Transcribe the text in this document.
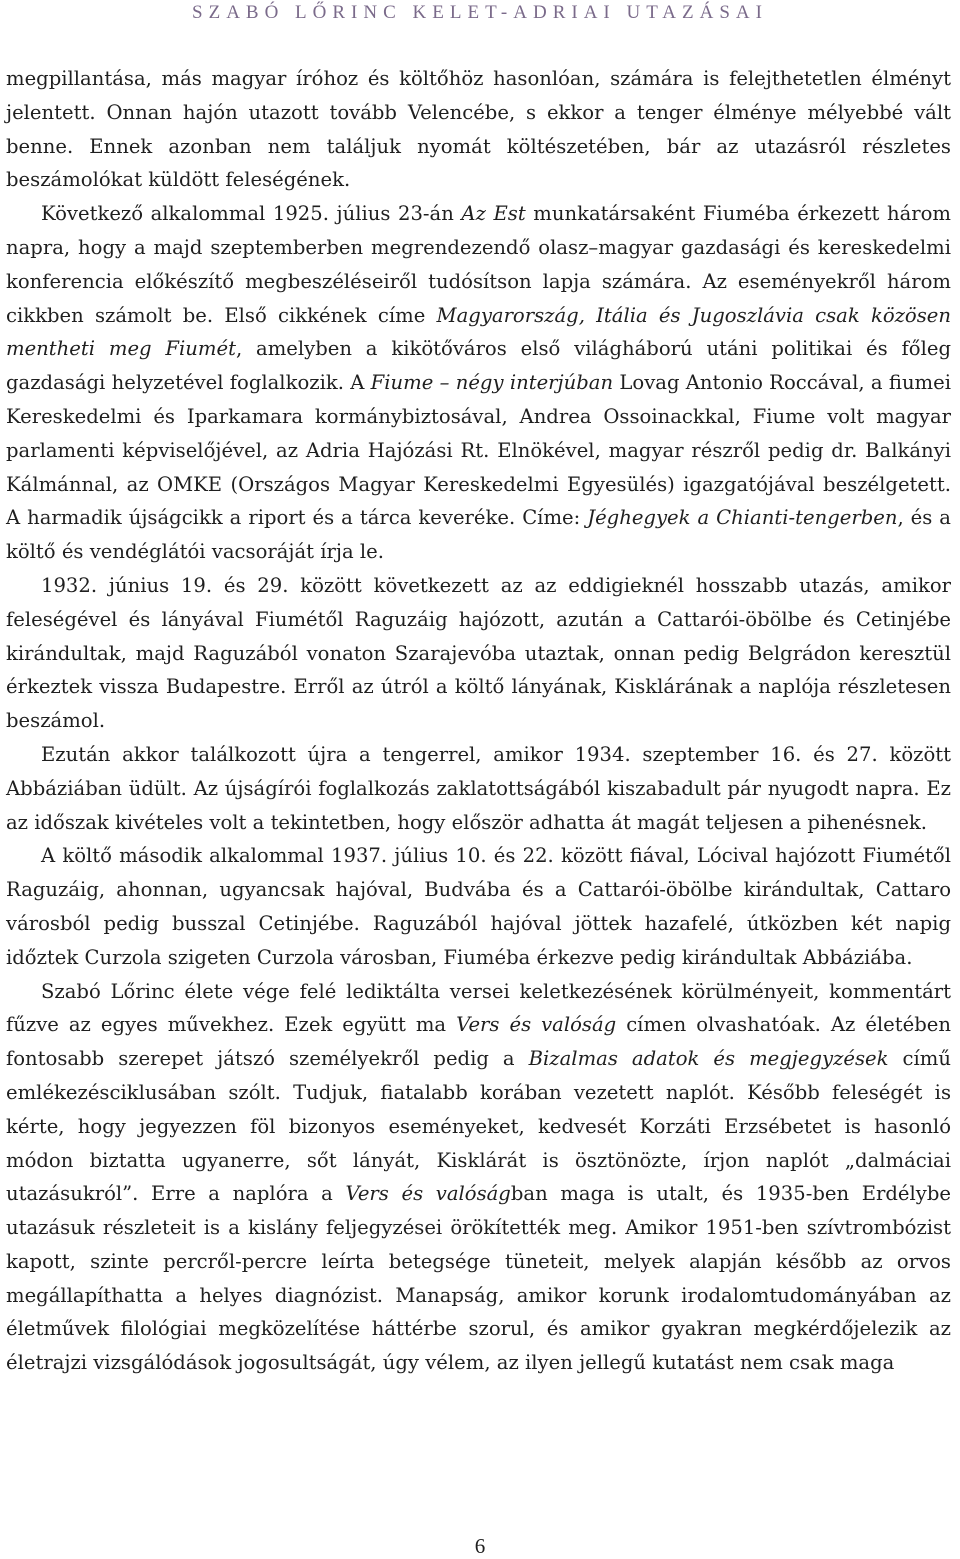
SZABÓ LŐRINC KELET-ADRIAI UTAZÁSAI

megpillantása, más magyar íróhoz és költőhöz hasonlóan, számára is felejthetetlen élményt jelentett. Onnan hajón utazott tovább Velencébe, s ekkor a tenger élménye mélyebbé vált benne. Ennek azonban nem találjuk nyomát költészetében, bár az utazásról részletes beszámolókat küldött feleségének.

Következő alkalommal 1925. július 23-án Az Est munkatársaként Fiuméba érkezett három napra, hogy a majd szeptemberben megrendezendő olasz–magyar gazdasági és kereskedelmi konferencia előkészítő megbeszéléseiről tudósítson lapja számára. Az eseményekről három cikkben számolt be. Első cikkének címe Magyarország, Itália és Jugoszlávia csak közösen mentheti meg Fiumét, amelyben a kikötőváros első világháború utáni politikai és főleg gazdasági helyzetével foglalkozik. A Fiume – négy interjúban Lovag Antonio Roccával, a fiumei Kereskedelmi és Iparkamara kormánybiztosával, Andrea Ossoinackkal, Fiume volt magyar parlamenti képviselőjével, az Adria Hajózási Rt. Elnökével, magyar részről pedig dr. Balkányi Kálmánnal, az OMKE (Országos Magyar Kereskedelmi Egyesülés) igazgatójával beszélgetett. A harmadik újságcikk a riport és a tárca keveréke. Címe: Jéghegyek a Chianti-tengerben, és a költő és vendéglátói vacsoráját írja le.

1932. június 19. és 29. között következett az az eddigieknél hosszabb utazás, amikor feleségével és lányával Fiumétől Raguzáig hajózott, azután a Cattarói-öbölbe és Cetinjébe kirándultak, majd Raguzából vonaton Szarajevóba utaztak, onnan pedig Belgrádon keresztül érkeztek vissza Budapestre. Erről az útról a költő lányának, Kisklárának a naplója részletesen beszámol.

Ezután akkor találkozott újra a tengerrel, amikor 1934. szeptember 16. és 27. között Abbáziában üdült. Az újságírói foglalkozás zaklatottságából kiszabadult pár nyugodt napra. Ez az időszak kivételes volt a tekintetben, hogy először adhatta át magát teljesen a pihenésnek.

A költő második alkalommal 1937. július 10. és 22. között fiával, Lócival hajózott Fiumétől Raguzáig, ahonnan, ugyancsak hajóval, Budvába és a Cattarói-öbölbe kirándultak, Cattaro városból pedig busszal Cetinjébe. Raguzából hajóval jöttek hazafelé, útközben két napig időztek Curzola szigeten Curzola városban, Fiuméba érkezve pedig kirándultak Abbáziába.

Szabó Lőrinc élete vége felé lediktálta versei keletkezésének körülményeit, kommentárt fűzve az egyes művekhez. Ezek együtt ma Vers és valóság címen olvashatóak. Az életében fontosabb szerepet játszó személyekről pedig a Bizalmas adatok és megjegyzések című emlékezésciklusában szólt. Tudjuk, fiatalabb korában vezetett naplót. Később feleségét is kérte, hogy jegyezzen föl bizonyos eseményeket, kedvesét Korzáti Erzsébetet is hasonló módon biztatta ugyanerre, sőt lányát, Kisklárát is ösztönözte, írjon naplót „dalmáciai utazásukról”. Erre a naplóra a Vers és valóságban maga is utalt, és 1935-ben Erdélybe utazásuk részleteit is a kislány feljegyzései örökítették meg. Amikor 1951-ben szívtrombózist kapott, szinte percről-percre leírta betegsége tüneteit, melyek alapján később az orvos megállapíthatta a helyes diagnózist. Manapság, amikor korunk irodalomtudományában az életművek filológiai megközelítése háttérbe szorul, és amikor gyakran megkérdőjelezik az életrajzi vizsgálódások jogosultságát, úgy vélem, az ilyen jellegű kutatást nem csak maga

6
